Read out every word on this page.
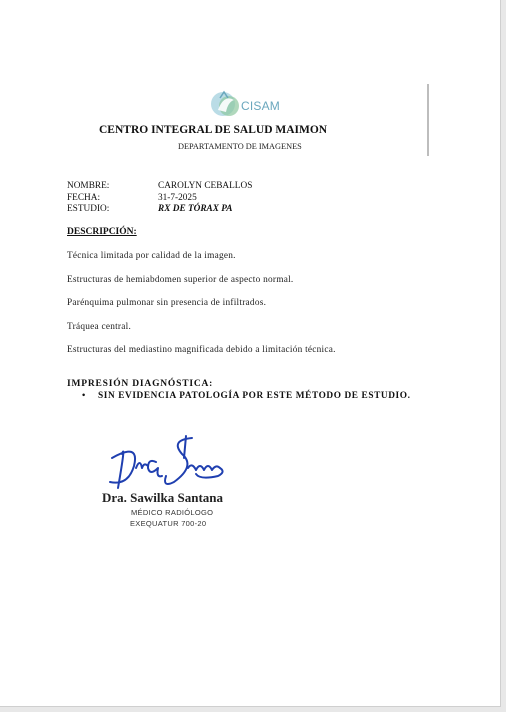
CISAM
CENTRO INTEGRAL DE SALUD MAIMON
DEPARTAMENTO DE IMAGENES
NOMBRE:	CAROLYN CEBALLOS
FECHA:	31-7-2025
ESTUDIO:	RX DE TÓRAX PA
DESCRIPCIÓN:
Técnica limitada por calidad de la imagen.
Estructuras de hemiabdomen superior de aspecto normal.
Parénquima pulmonar sin presencia de infiltrados.
Tráquea central.
Estructuras del mediastino magnificada debido a limitación técnica.
IMPRESIÓN DIAGNÓSTICA:
• SIN EVIDENCIA PATOLOGÍA POR ESTE MÉTODO DE ESTUDIO.
Dra. Sawilka Santana
MÉDICO RADIÓLOGO
EXEQUATUR 700-20
